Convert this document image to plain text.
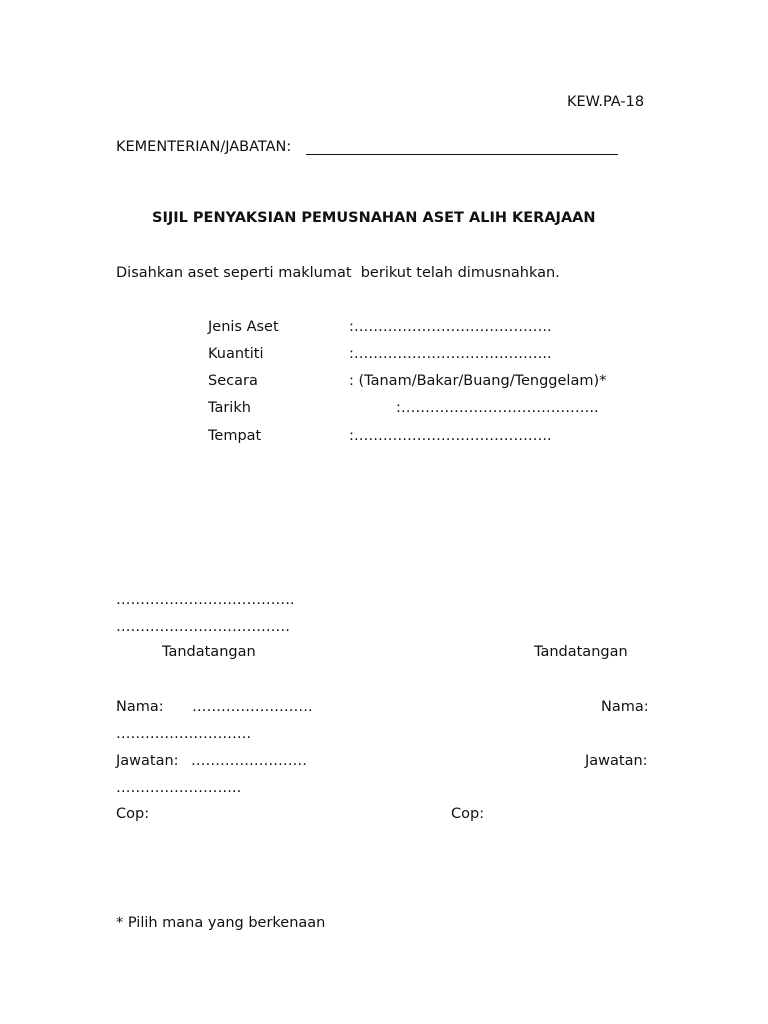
KEW.PA-18
KEMENTERIAN/JABATAN:
SIJIL PENYAKSIAN PEMUSNAHAN ASET ALIH KERAJAAN
Disahkan aset seperti maklumat  berikut telah dimusnahkan.
Jenis Aset	:…………………………………..
Kuantiti	:…………………………………..
Secara	: (Tanam/Bakar/Buang/Tenggelam)*
Tarikh	:…………………………………..
Tempat	:…………………………………..
……………………………….
………………………………
Tandatangan	Tandatangan
Nama: …………………….	Nama:
……………………….
Jawatan: ……………………	Jawatan:
……………………..
Cop:	Cop:
* Pilih mana yang berkenaan
